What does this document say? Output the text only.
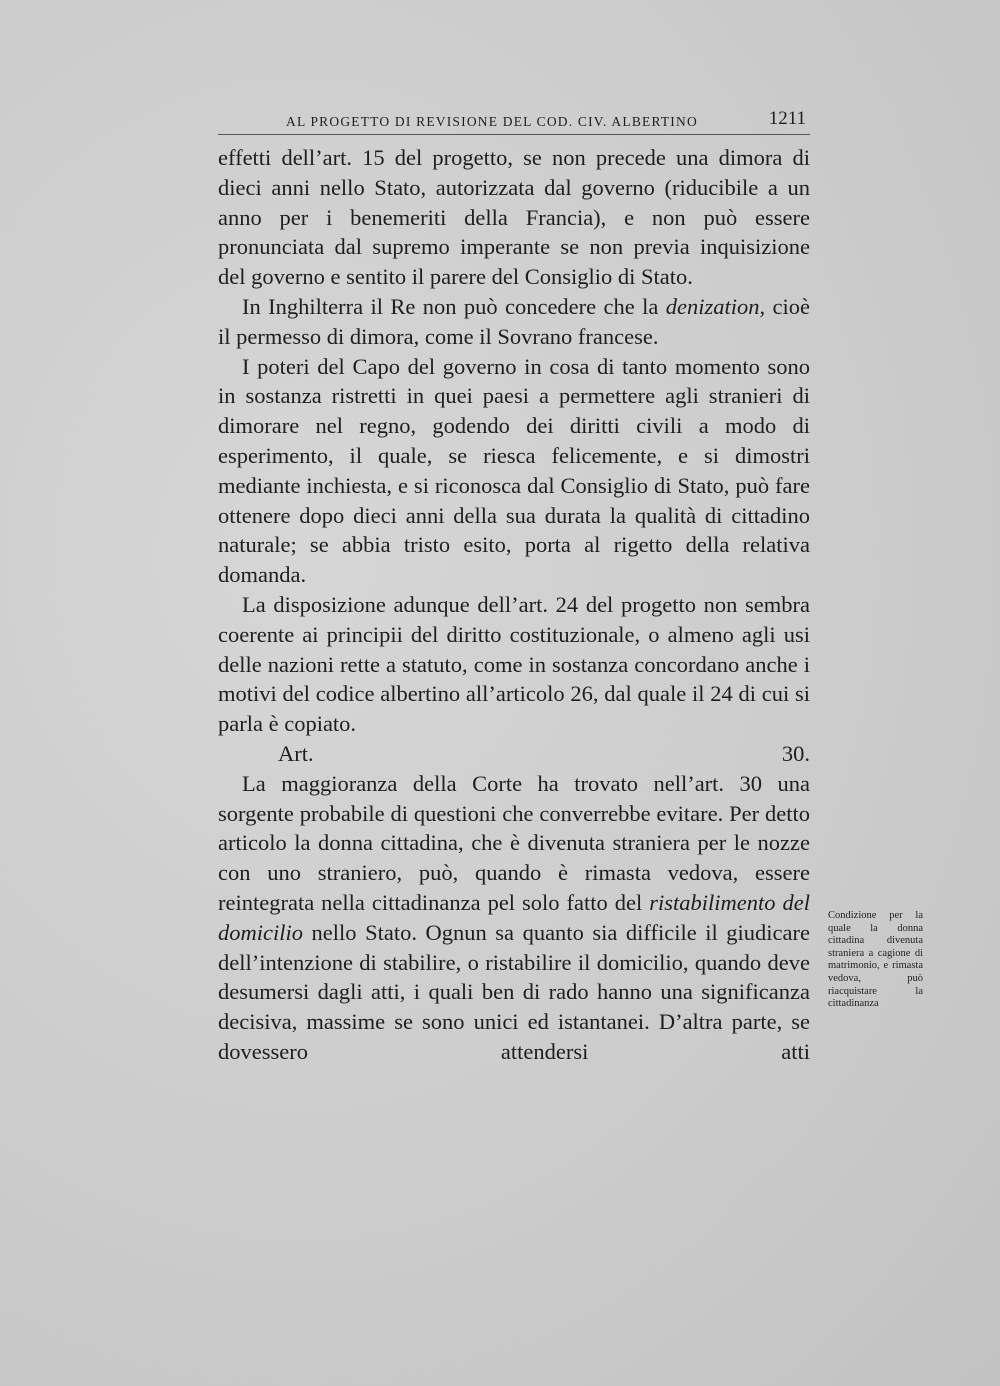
AL PROGETTO DI REVISIONE DEL COD. CIV. ALBERTINO	1211

effetti dell’art. 15 del progetto, se non precede una dimora di dieci anni nello Stato, autorizzata dal governo (riducibile a un anno per i benemeriti della Francia), e non può essere pronunciata dal supremo imperante se non previa inquisizione del governo e sentito il parere del Consiglio di Stato.

In Inghilterra il Re non può concedere che la denization, cioè il permesso di dimora, come il Sovrano francese.

I poteri del Capo del governo in cosa di tanto momento sono in sostanza ristretti in quei paesi a permettere agli stranieri di dimorare nel regno, godendo dei diritti civili a modo di esperimento, il quale, se riesca felicemente, e si dimostri mediante inchiesta, e si riconosca dal Consiglio di Stato, può fare ottenere dopo dieci anni della sua durata la qualità di cittadino naturale; se abbia tristo esito, porta al rigetto della relativa domanda.

La disposizione adunque dell’art. 24 del progetto non sembra coerente ai principii del diritto costituzionale, o almeno agli usi delle nazioni rette a statuto, come in sostanza concordano anche i motivi del codice albertino all’articolo 26, dal quale il 24 di cui si parla è copiato.

Art. 30.

La maggioranza della Corte ha trovato nell’art. 30 una sorgente probabile di questioni che converrebbe evitare. Per detto articolo la donna cittadina, che è divenuta straniera per le nozze con uno straniero, può, quando è rimasta vedova, essere reintegrata nella cittadinanza pel solo fatto del ristabilimento del domicilio nello Stato. Ognun sa quanto sia difficile il giudicare dell’intenzione di stabilire, o ristabilire il domicilio, quando deve desumersi dagli atti, i quali ben di rado hanno una significanza decisiva, massime se sono unici ed istantanei. D’altra parte, se dovessero attendersi atti

Condizione per la quale la donna cittadina divenuta straniera a cagione di matrimonio, e rimasta vedova, può riacquistare la cittadinanza
